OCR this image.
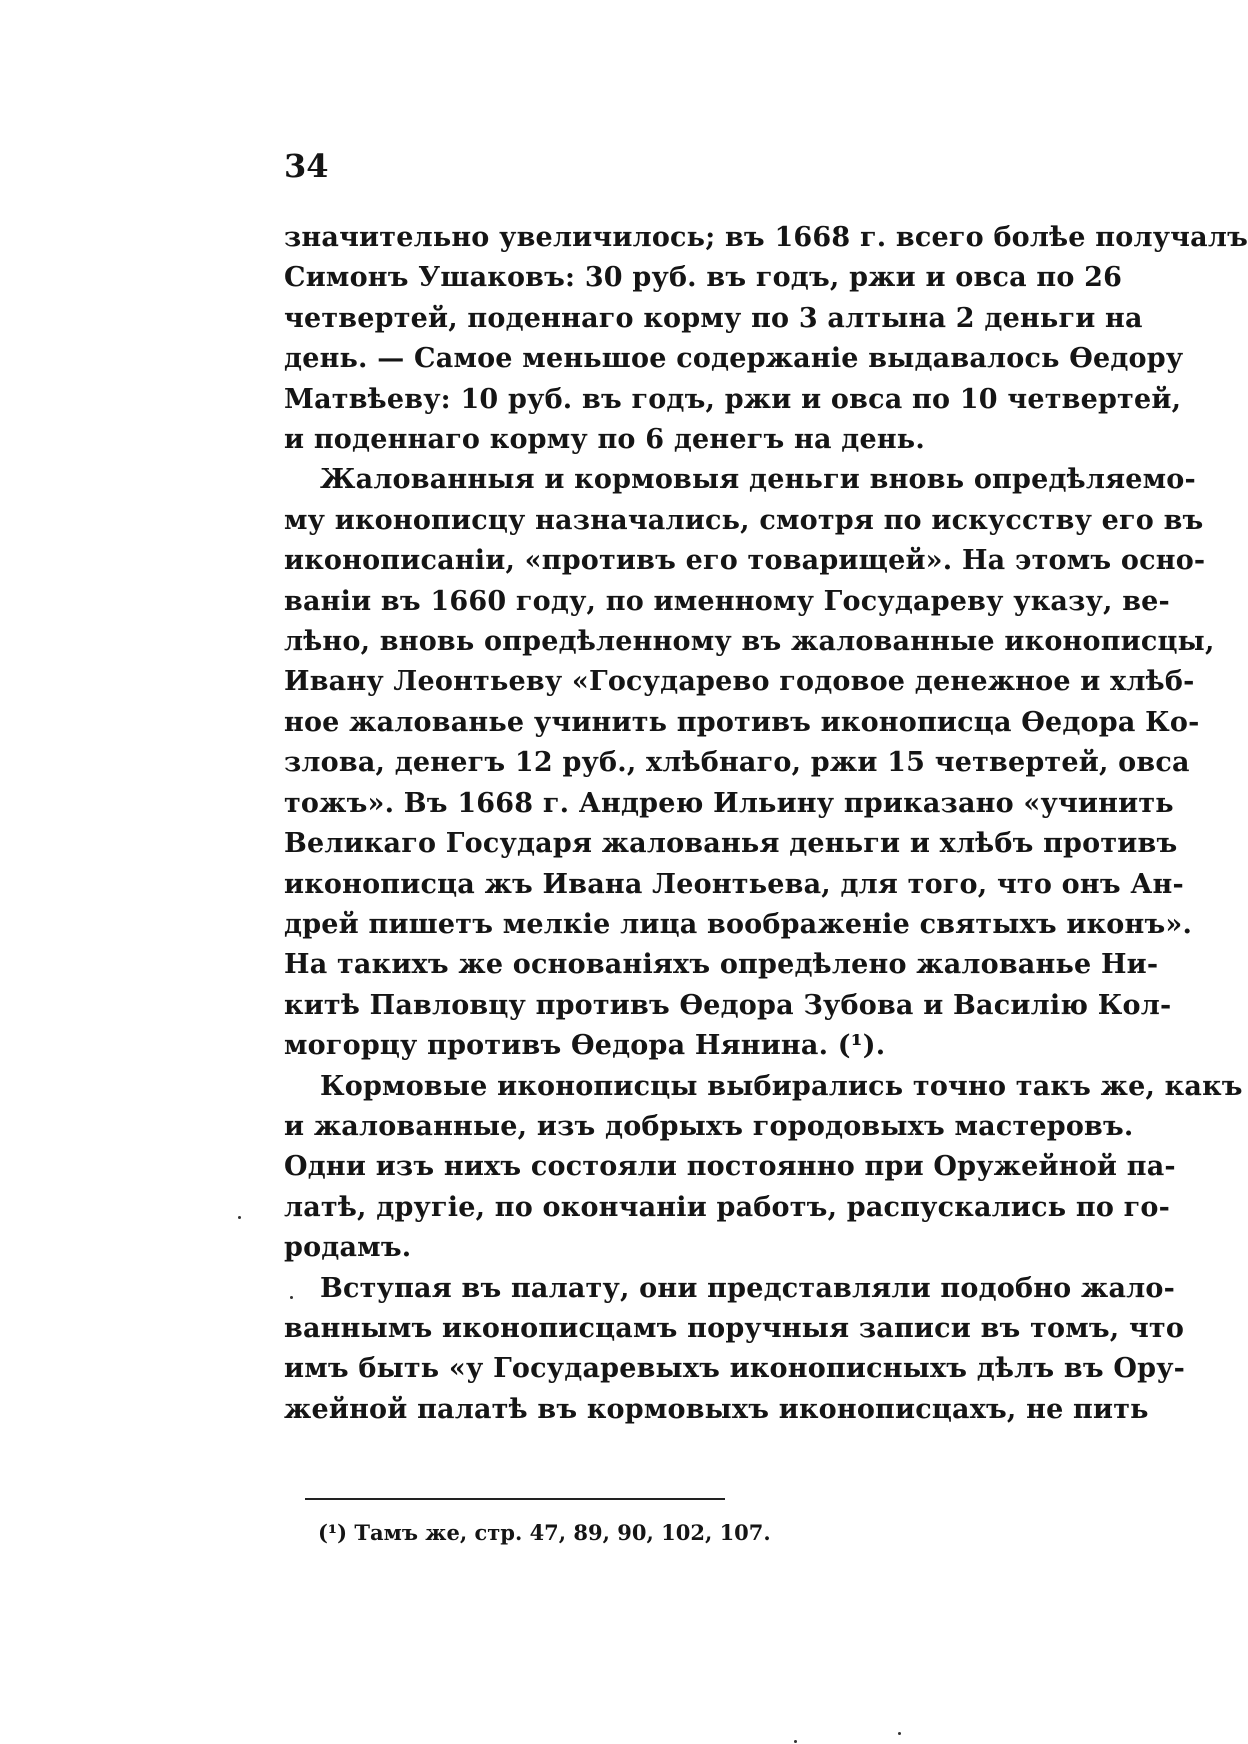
34

значительно увеличилось; въ 1668 г. всего болѣе получалъ
Симонъ Ушаковъ: 30 руб. въ годъ, ржи и овса по 26
четвертей, поденнаго корму по 3 алтына 2 деньги на
день. — Самое меньшое содержаніе выдавалось Ѳедору
Матвѣеву: 10 руб. въ годъ, ржи и овса по 10 четвертей,
и поденнаго корму по 6 денегъ на день.

Жалованныя и кормовыя деньги вновь опредѣляемо-
му иконописцу назначались, смотря по искусству его въ
иконописаніи, «противъ его товарищей». На этомъ осно-
ваніи въ 1660 году, по именному Государеву указу, ве-
лѣно, вновь опредѣленному въ жалованные иконописцы,
Ивану Леонтьеву «Государево годовое денежное и хлѣб-
ное жалованье учинить противъ иконописца Ѳедора Ко-
злова, денегъ 12 руб., хлѣбнаго, ржи 15 четвертей, овса
тожъ». Въ 1668 г. Андрею Ильину приказано «учинить
Великаго Государя жалованья деньги и хлѣбъ противъ
иконописца жъ Ивана Леонтьева, для того, что онъ Ан-
дрей пишетъ мелкіе лица воображеніе святыхъ иконъ».
На такихъ же основаніяхъ опредѣлено жалованье Ни-
китѣ Павловцу противъ Ѳедора Зубова и Василію Кол-
могорцу противъ Ѳедора Нянина. (¹).

Кормовые иконописцы выбирались точно такъ же, какъ
и жалованные, изъ добрыхъ городовыхъ мастеровъ.
Одни изъ нихъ состояли постоянно при Оружейной па-
латѣ, другіе, по окончаніи работъ, распускались по го-
родамъ.

Вступая въ палату, они представляли подобно жало-
ваннымъ иконописцамъ поручныя записи въ томъ, что
имъ быть «у Государевыхъ иконописныхъ дѣлъ въ Ору-
жейной палатѣ въ кормовыхъ иконописцахъ, не пить

(¹) Тамъ же, стр. 47, 89, 90, 102, 107.
